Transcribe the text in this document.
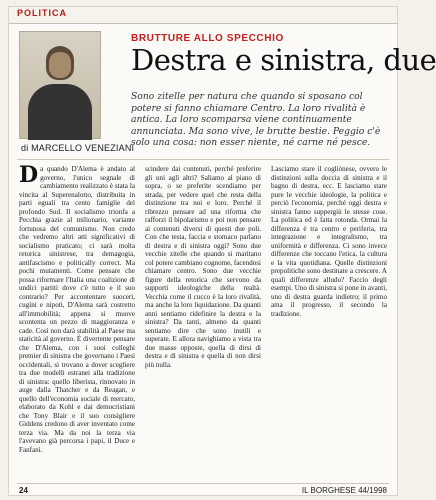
POLITICA
di MARCELLO VENEZIANI
BRUTTURE ALLO SPECCHIO
Destra e sinistra, due
Sono zitelle per natura che quando si sposano col potere si fanno chiamare Centro. La loro rivalità è antica. La loro scomparsa viene continuamente annunciata. Ma sono vive, le brutte bestie. Peggio c'è solo una cosa: non esser niente, né carne né pesce.
Da quando D'Alema è andato al governo, l'unico segnale di cambiamento realizzato è stata la vincita al Superenalotto, distribuita in parti eguali tra cento famiglie del profondo Sud. Il socialismo trionfa a Pecchia grazie al milionario, variante fortunosa del comunismo. Non credo che vedremo altri atti significativi di socialismo praticato; ci sarà molta retorica sinistrese, tra demagogia, antifascismo e politically correct. Ma pochi mutamenti. Come pensare che possa riformare l'Italia una coalizione di undici partiti dove c'è tutto e il suo contrario? Per accontentare suoceri, cugini e nipoti, D'Alema sarà costretto all'immobilità; appena si muove scontenta un pezzo di maggioranza e cade. Così non darà stabilità al Paese ma staticità al governo. È divertente pensare che D'Alema, con i suoi colleghi premier di sinistra che governano i Paesi occidentali, si trovano a dover scegliere tra due modelli estranei alla tradizione di sinistra: quello liberista, rinnovato in auge dalla Thatcher e da Reagan, e quello dell'economia sociale di mercato, elaborato da Kohl e dai democristiani che Tony Blair e il suo consigliere Giddens credono di aver inventato come terza via. Ma da noi la terza via l'avevano già percorsa i papi, il Duce e Fanfani.
scindere dai contenuti, perché preferire gli uni agli altri? Saliamo al piano di sopra, o se preferite scendiamo per strada, per vedere quel che resta della distinzione tra noi e loro. Perché il ribrezzo pensare ad una riforma che rafforzi il bipolarismo e poi non pensare ai contenuti diversi di questi due poli. Con che testa, faccia e stomaco parlano di destra e di sinistra oggi? Sono due vecchie zitelle che quando si maritano col potere cambiano cognome, facendosi chiamare centro. Sono due vecchie figure della retorica che servono da supporti ideologiche della realtà. Vecchia come il cucco è la loro rivalità, ma anche la loro liquidazione. Da quanti anni sentiamo ridefinire la destra e la sinistra? Da tanti, almeno da quanti sentiamo dire che sono inutili e superate. E allora navighiamo a vista tra due masse opposte, quella di dirsi di destra e di sinistra e quella di non dirsi più nulla.
Lasciamo stare il cogliònese, ovvero le distinzioni sulla doccia di sinistra e il bagno di destra, ecc. E lasciamo stare pure le vecchie ideologie, la politica e perciò l'economia, perché oggi destra e sinistra fanno suppergiù le stesse cose. La politica ed è fatta rotonda. Ormai la differenza è tra centro e periferia, tra integrazione e integralismo, tra uniformità e differenza. Ci sono invece differenze che toccano l'etica, la cultura e la vita quotidiana. Quelle distinzioni prepolitiche sono destinate a crescere. A quali differenze alludo? Faccio degli esempi. Uno di sinistra si pone in avanti, uno di destra guarda indietro; il primo ama il progresso, il secondo la tradizione.
24	IL BORGHESE 44/1998
